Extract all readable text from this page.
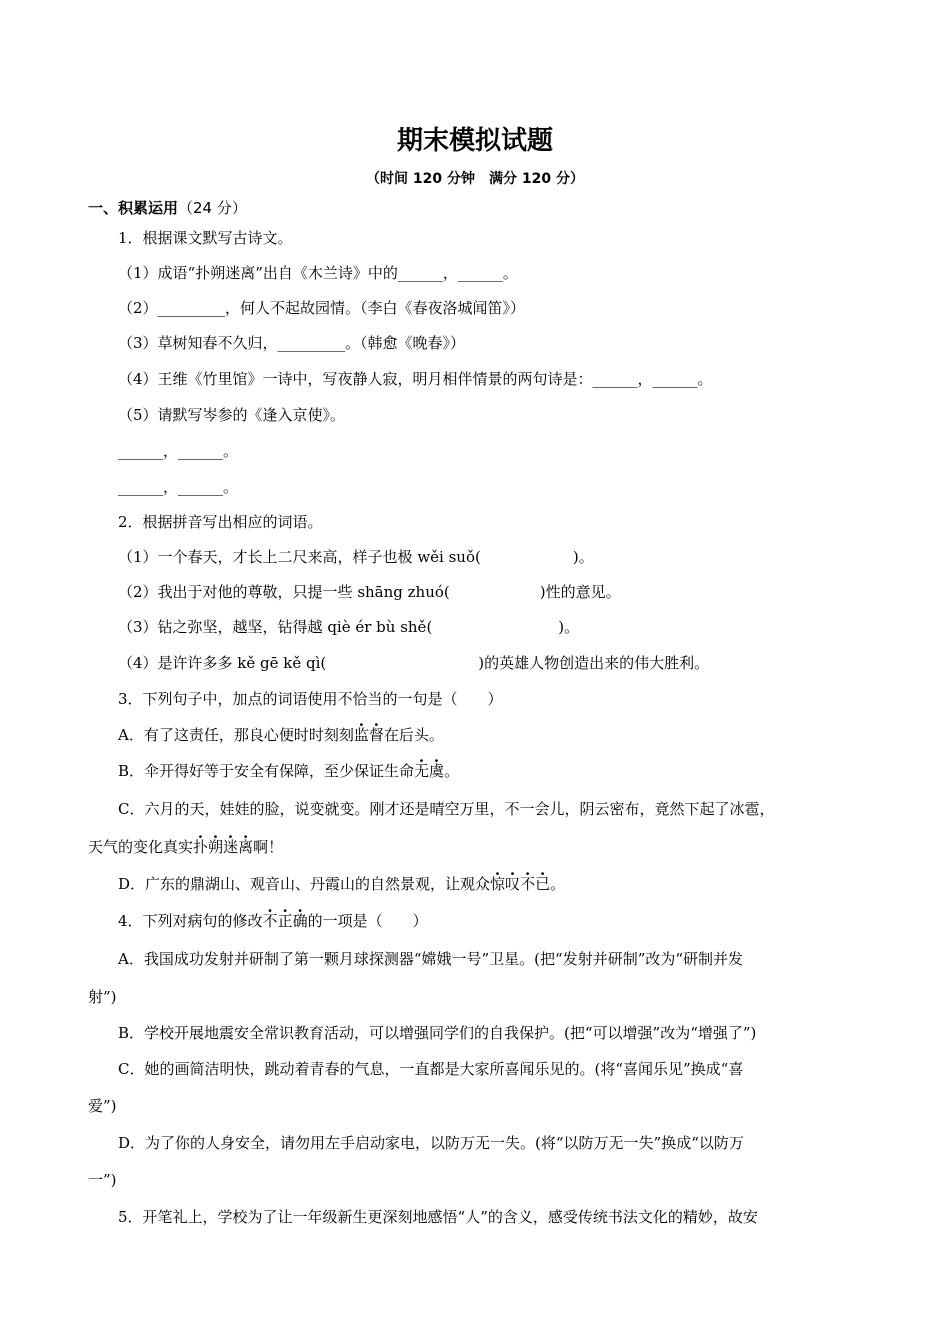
期末模拟试题
（时间 120 分钟　满分 120 分）
一、积累运用（24 分）
1．根据课文默写古诗文。
（1）成语“扑朔迷离”出自《木兰诗》中的______，______。
（2）_________，何人不起故园情。（李白《春夜洛城闻笛》）
（3）草树知春不久归，_________。（韩愈《晚春》）
（4）王维《竹里馆》一诗中，写夜静人寂，明月相伴情景的两句诗是：______，______。
（5）请默写岑参的《逢入京使》。
______，______。
______，______。
2．根据拼音写出相应的词语。
（1）一个春天，才长上二尺来高，样子也极 wěi suǒ(	)。
（2）我出于对他的尊敬，只提一些 shāng zhuó(	)性的意见。
（3）钻之弥坚，越坚，钻得越 qiè ér bù shě(	)。
（4）是许许多多 kě gē kě qì(	)的英雄人物创造出来的伟大胜利。
3．下列句子中，加点的词语使用不恰当的一句是（　　）
A．有了这责任，那良心便时时刻刻监督在后头。
B．伞开得好等于安全有保障，至少保证生命无虞。
C．六月的天，娃娃的脸，说变就变。刚才还是晴空万里，不一会儿，阴云密布，竟然下起了冰雹，
天气的变化真实扑朔迷离啊！
D．广东的鼎湖山、观音山、丹霞山的自然景观，让观众惊叹不已。
4．下列对病句的修改不正确的一项是（　　）
A．我国成功发射并研制了第一颗月球探测器“嫦娥一号”卫星。(把“发射并研制”改为“研制并发
射”)
B．学校开展地震安全常识教育活动，可以增强同学们的自我保护。(把“可以增强”改为“增强了”)
C．她的画简洁明快，跳动着青春的气息，一直都是大家所喜闻乐见的。(将“喜闻乐见”换成“喜
爱”)
D．为了你的人身安全，请勿用左手启动家电，以防万无一失。(将“以防万无一失”换成“以防万
一”)
5．开笔礼上，学校为了让一年级新生更深刻地感悟“人”的含义，感受传统书法文化的精妙，故安
